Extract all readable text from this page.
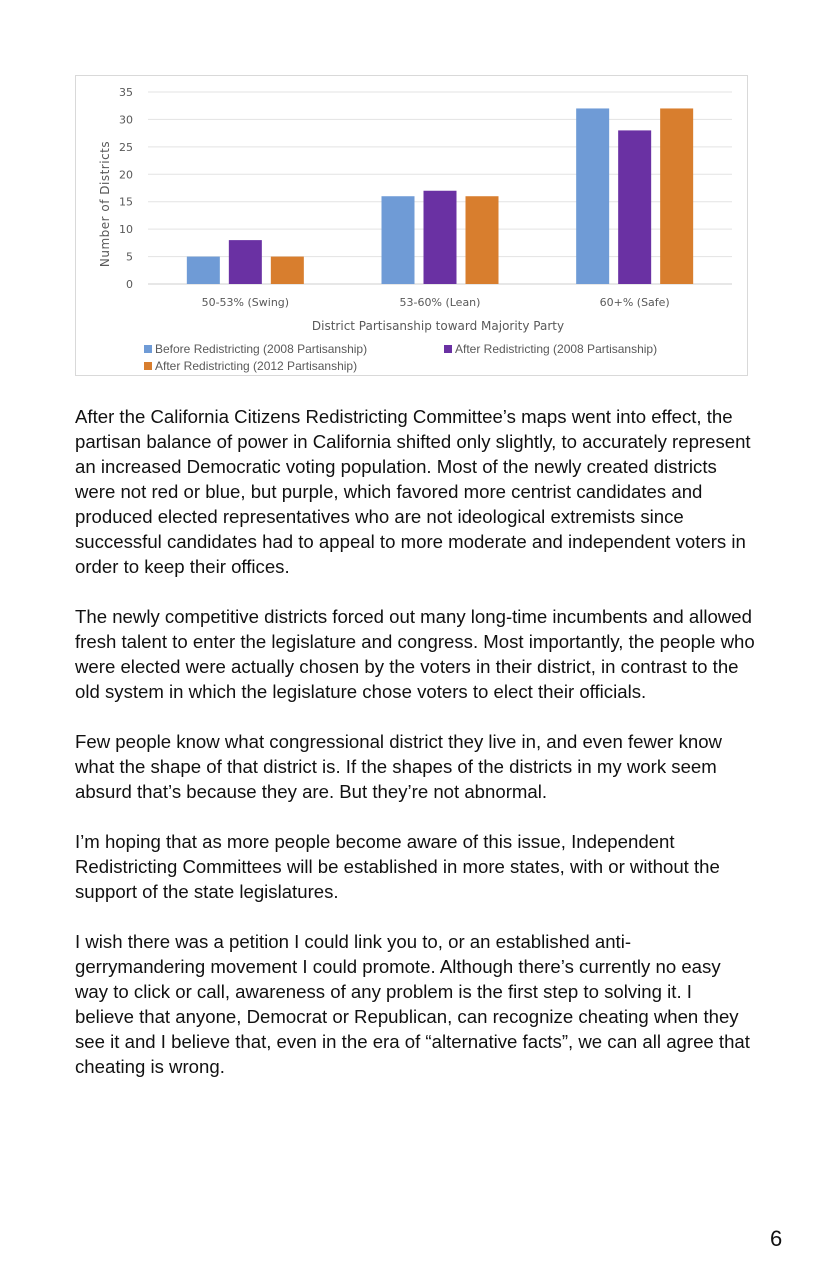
0
5
10
15
20
25
30
35
50-53% (Swing)	53-60% (Lean)	60+% (Safe)
Number of Districts
District Partisanship toward Majority Party
Before Redistricting (2008 Partisanship)	After Redistricting (2008 Partisanship)
After Redistricting (2012 Partisanship)

After the California Citizens Redistricting Committee’s maps went into effect, the partisan balance of power in California shifted only slightly, to accurately represent an increased Democratic voting population. Most of the newly created districts were not red or blue, but purple, which favored more centrist candidates and produced elected representatives who are not ideological extremists since successful candidates had to appeal to more moderate and independent voters in order to keep their offices.

The newly competitive districts forced out many long-time incumbents and allowed fresh talent to enter the legislature and congress. Most importantly, the people who were elected were actually chosen by the voters in their district, in contrast to the old system in which the legislature chose voters to elect their officials.

Few people know what congressional district they live in, and even fewer know what the shape of that district is. If the shapes of the districts in my work seem absurd that’s because they are. But they’re not abnormal.

I’m hoping that as more people become aware of this issue, Independent Redistricting Committees will be established in more states, with or without the support of the state legislatures.

I wish there was a petition I could link you to, or an established anti-gerrymandering movement I could promote. Although there’s currently no easy way to click or call, awareness of any problem is the first step to solving it. I believe that anyone, Democrat or Republican, can recognize cheating when they see it and I believe that, even in the era of “alternative facts”, we can all agree that cheating is wrong.

6
